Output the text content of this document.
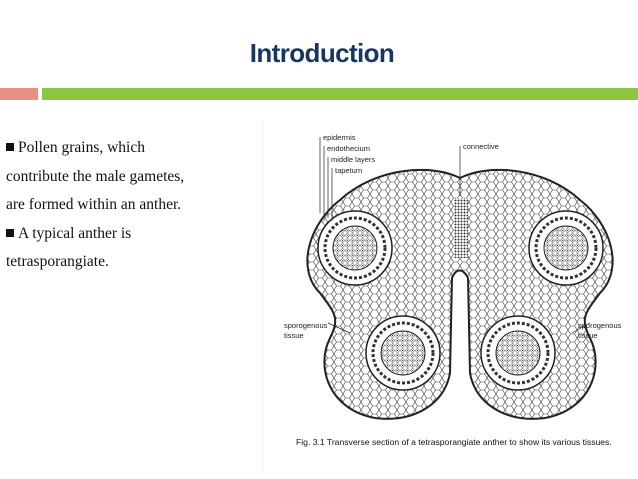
Introduction
Pollen grains, which
contribute the male gametes,
are formed within an anther.
A typical anther is
tetrasporangiate.
epidermis
endothecium
middle layers
tapetum
connective
sporogenous
tissue
sporogenous
tissue
Fig. 3.1 Transverse section of a tetrasporangiate anther to show its various tissues.
